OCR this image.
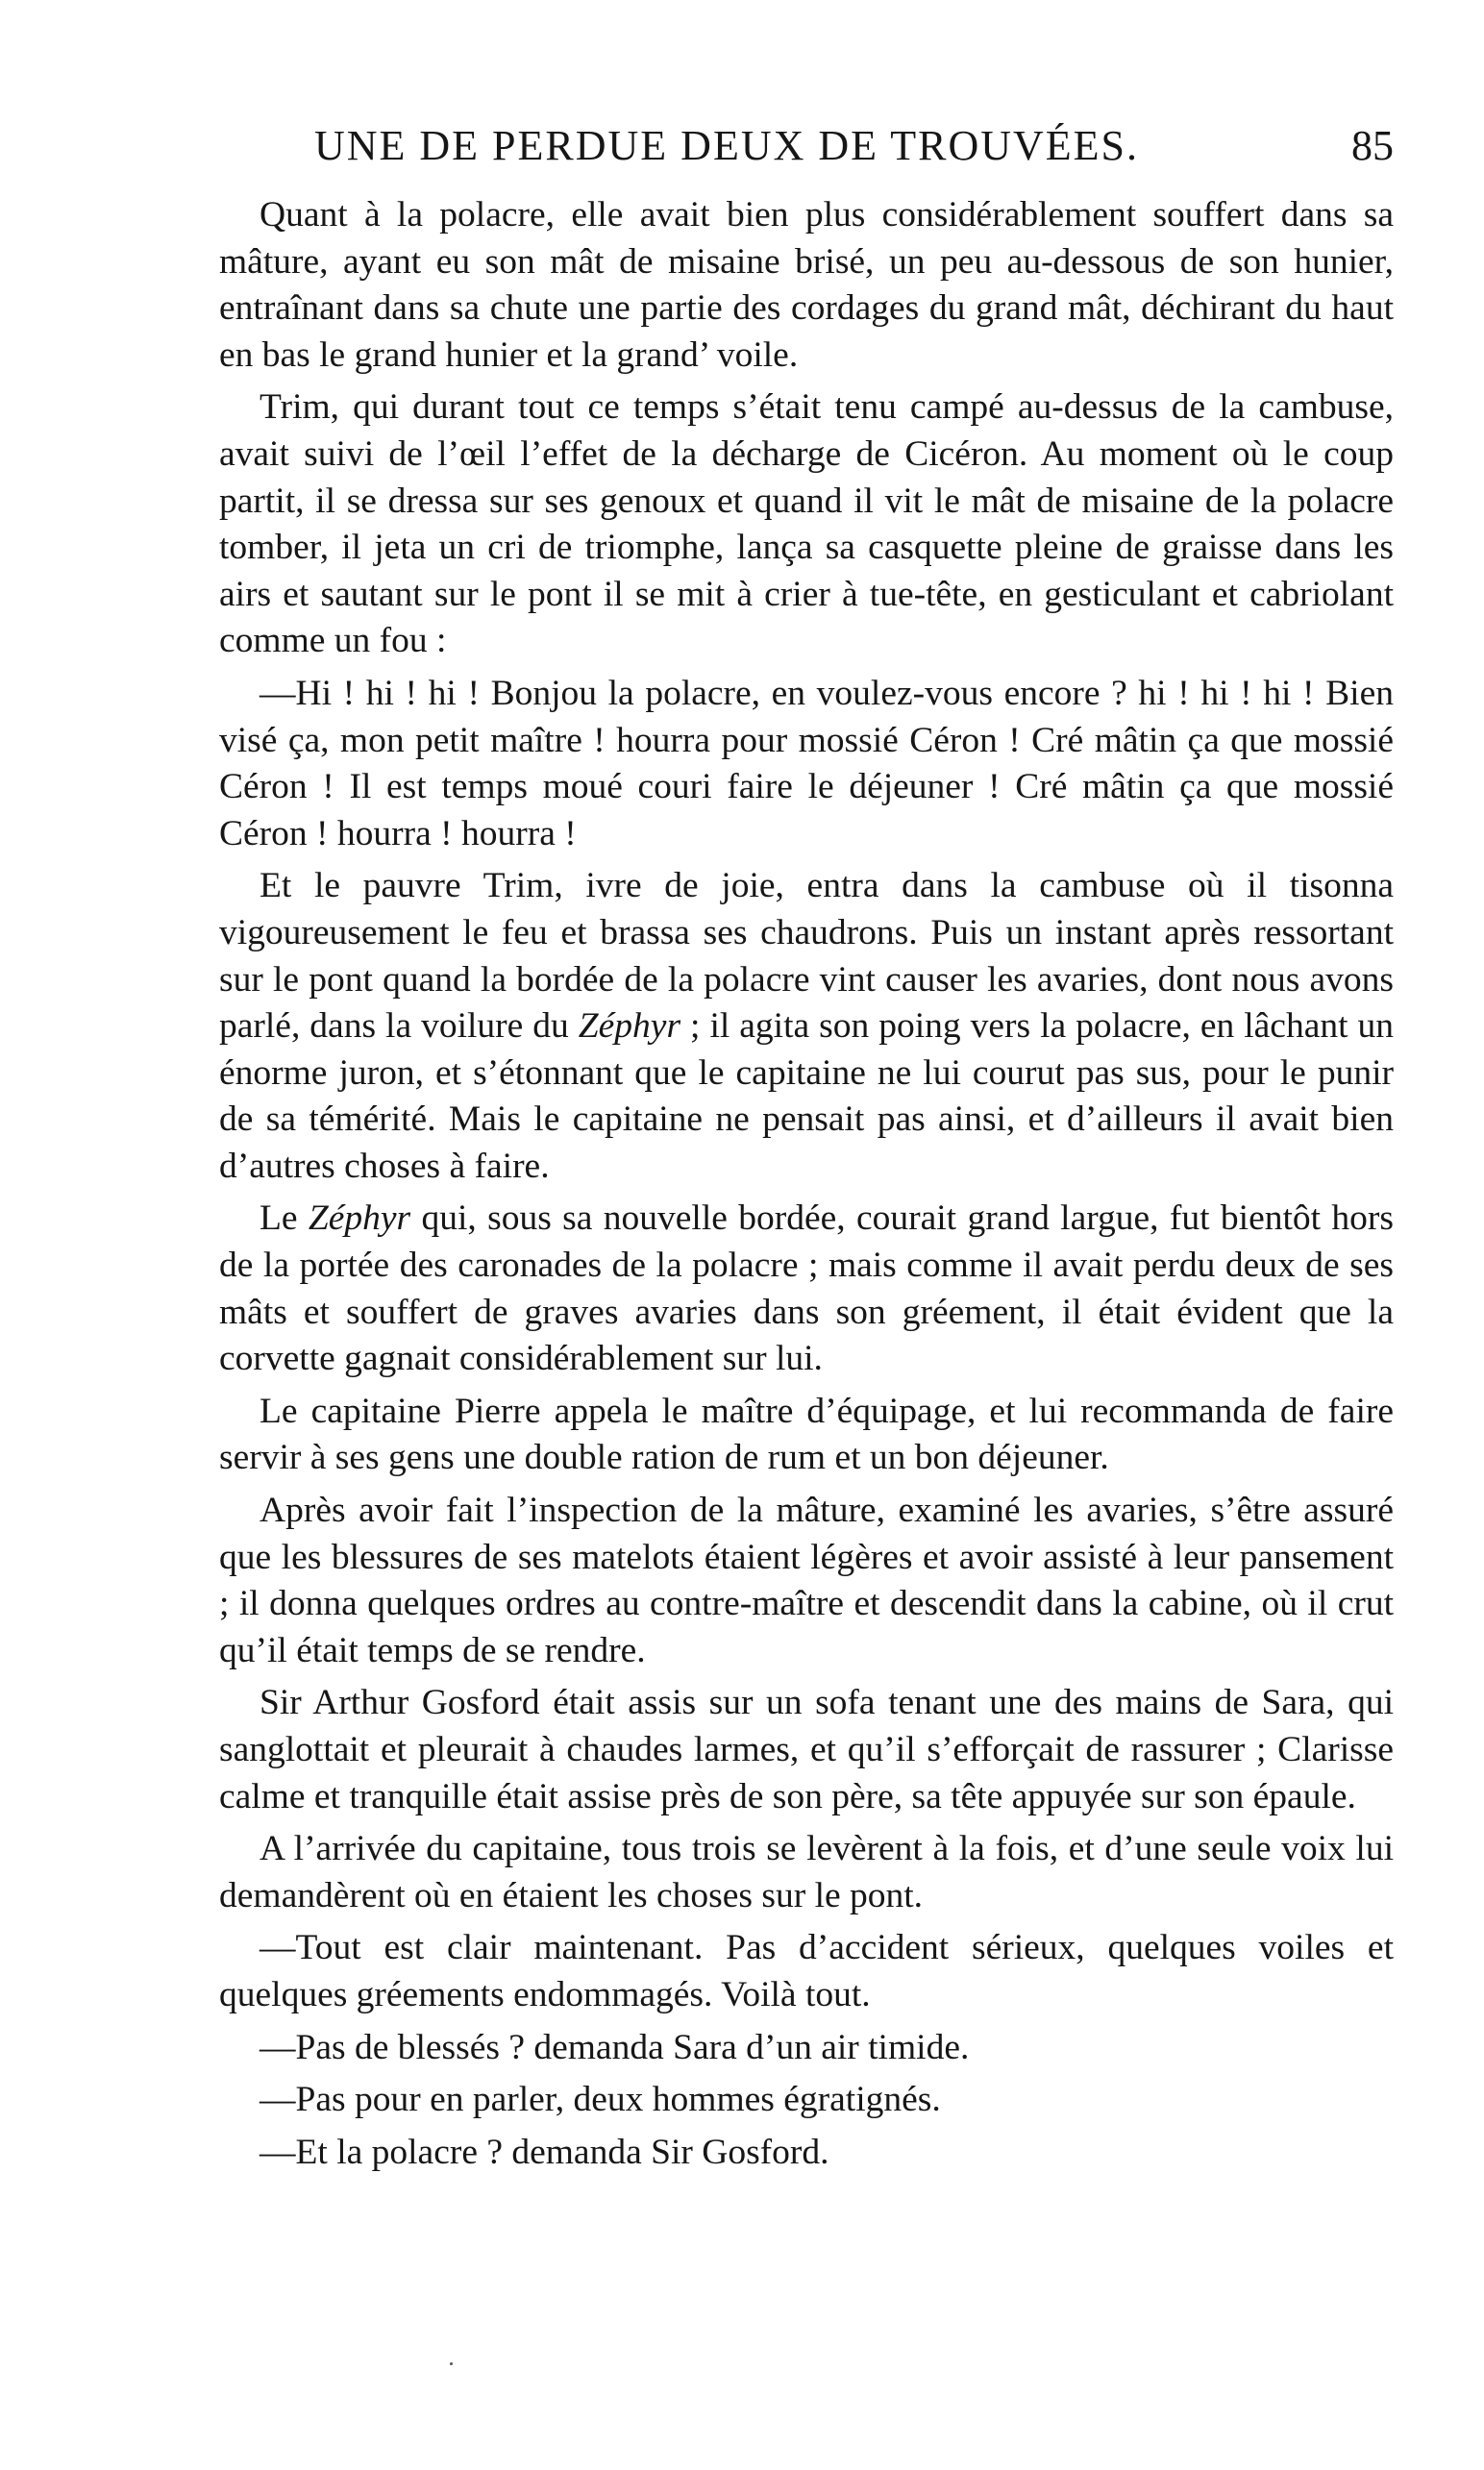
UNE DE PERDUE DEUX DE TROUVÉES.	85

Quant à la polacre, elle avait bien plus considérablement souffert dans sa mâture, ayant eu son mât de misaine brisé, un peu au-dessous de son hunier, entraînant dans sa chute une partie des cordages du grand mât, déchirant du haut en bas le grand hunier et la grand’ voile.

Trim, qui durant tout ce temps s’était tenu campé au-dessus de la cambuse, avait suivi de l’œil l’effet de la décharge de Cicéron. Au moment où le coup partit, il se dressa sur ses genoux et quand il vit le mât de misaine de la polacre tomber, il jeta un cri de triomphe, lança sa casquette pleine de graisse dans les airs et sautant sur le pont il se mit à crier à tue-tête, en gesticulant et cabriolant comme un fou :

—Hi ! hi ! hi ! Bonjou la polacre, en voulez-vous encore ? hi ! hi ! hi ! Bien visé ça, mon petit maître ! hourra pour mossié Céron ! Cré mâtin ça que mossié Céron ! Il est temps moué couri faire le déjeuner ! Cré mâtin ça que mossié Céron ! hourra ! hourra !

Et le pauvre Trim, ivre de joie, entra dans la cambuse où il tisonna vigoureusement le feu et brassa ses chaudrons. Puis un instant après ressortant sur le pont quand la bordée de la polacre vint causer les avaries, dont nous avons parlé, dans la voilure du Zéphyr ; il agita son poing vers la polacre, en lâchant un énorme juron, et s’étonnant que le capitaine ne lui courut pas sus, pour le punir de sa témérité. Mais le capitaine ne pensait pas ainsi, et d’ailleurs il avait bien d’autres choses à faire.

Le Zéphyr qui, sous sa nouvelle bordée, courait grand largue, fut bientôt hors de la portée des caronades de la polacre ; mais comme il avait perdu deux de ses mâts et souffert de graves avaries dans son gréement, il était évident que la corvette gagnait considérablement sur lui.

Le capitaine Pierre appela le maître d’équipage, et lui recommanda de faire servir à ses gens une double ration de rum et un bon déjeuner.

Après avoir fait l’inspection de la mâture, examiné les avaries, s’être assuré que les blessures de ses matelots étaient légères et avoir assisté à leur pansement ; il donna quelques ordres au contre-maître et descendit dans la cabine, où il crut qu’il était temps de se rendre.

Sir Arthur Gosford était assis sur un sofa tenant une des mains de Sara, qui sanglottait et pleurait à chaudes larmes, et qu’il s’efforçait de rassurer ; Clarisse calme et tranquille était assise près de son père, sa tête appuyée sur son épaule.

A l’arrivée du capitaine, tous trois se levèrent à la fois, et d’une seule voix lui demandèrent où en étaient les choses sur le pont.

—Tout est clair maintenant. Pas d’accident sérieux, quelques voiles et quelques gréements endommagés. Voilà tout.

—Pas de blessés ? demanda Sara d’un air timide.

—Pas pour en parler, deux hommes égratignés.

—Et la polacre ? demanda Sir Gosford.
